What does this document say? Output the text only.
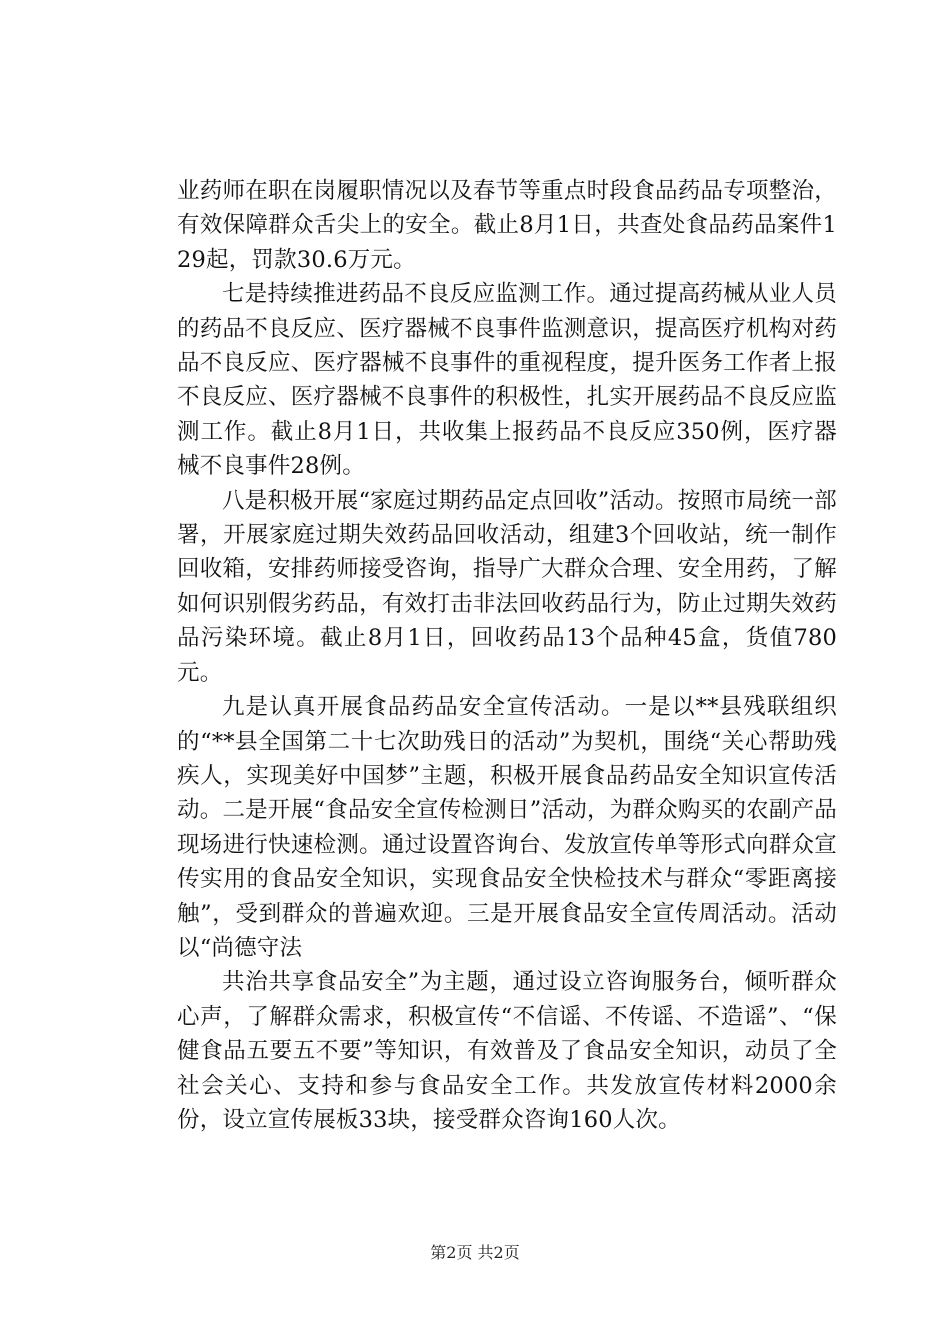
业药师在职在岗履职情况以及春节等重点时段食品药品专项整治，有效保障群众舌尖上的安全。截止8月1日，共查处食品药品案件129起，罚款30.6万元。

七是持续推进药品不良反应监测工作。通过提高药械从业人员的药品不良反应、医疗器械不良事件监测意识，提高医疗机构对药品不良反应、医疗器械不良事件的重视程度，提升医务工作者上报不良反应、医疗器械不良事件的积极性，扎实开展药品不良反应监测工作。截止8月1日，共收集上报药品不良反应350例，医疗器械不良事件28例。

八是积极开展“家庭过期药品定点回收”活动。按照市局统一部署，开展家庭过期失效药品回收活动，组建3个回收站，统一制作回收箱，安排药师接受咨询，指导广大群众合理、安全用药，了解如何识别假劣药品，有效打击非法回收药品行为，防止过期失效药品污染环境。截止8月1日，回收药品13个品种45盒，货值780元。

九是认真开展食品药品安全宣传活动。一是以**县残联组织的“**县全国第二十七次助残日的活动”为契机，围绕“关心帮助残疾人，实现美好中国梦”主题，积极开展食品药品安全知识宣传活动。二是开展“食品安全宣传检测日”活动，为群众购买的农副产品现场进行快速检测。通过设置咨询台、发放宣传单等形式向群众宣传实用的食品安全知识，实现食品安全快检技术与群众“零距离接触”，受到群众的普遍欢迎。三是开展食品安全宣传周活动。活动以“尚德守法

共治共享食品安全”为主题，通过设立咨询服务台，倾听群众心声，了解群众需求，积极宣传“不信谣、不传谣、不造谣”、“保健食品五要五不要”等知识，有效普及了食品安全知识，动员了全社会关心、支持和参与食品安全工作。共发放宣传材料2000余份，设立宣传展板33块，接受群众咨询160人次。

第2页 共2页
